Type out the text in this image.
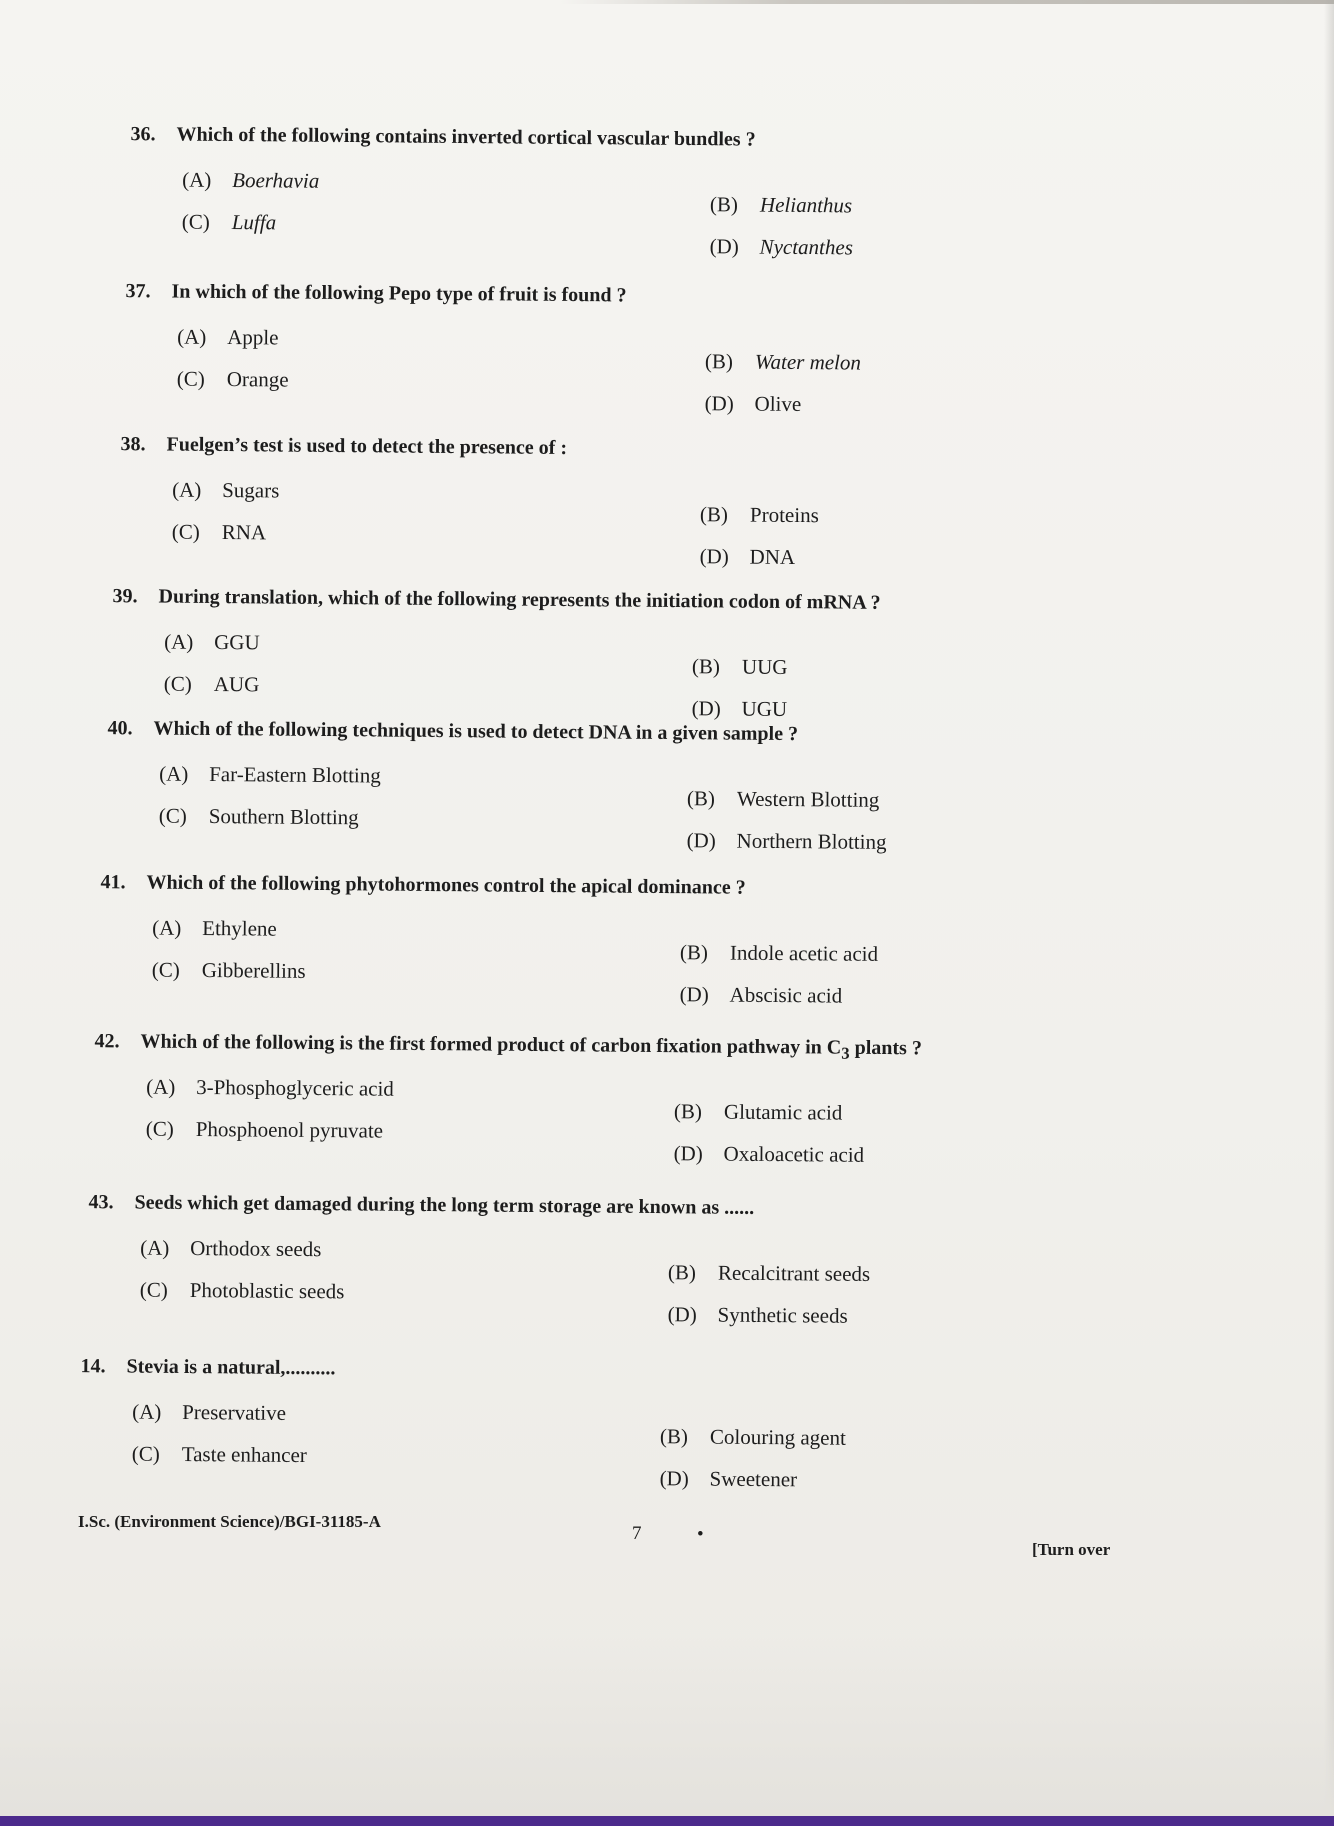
36. Which of the following contains inverted cortical vascular bundles ?
(A) Boerhavia
(B) Helianthus
(C) Luffa
(D) Nyctanthes
37. In which of the following Pepo type of fruit is found ?
(A) Apple
(B) Water melon
(C) Orange
(D) Olive
38. Fuelgen’s test is used to detect the presence of :
(A) Sugars
(B) Proteins
(C) RNA
(D) DNA
39. During translation, which of the following represents the initiation codon of mRNA ?
(A) GGU
(B) UUG
(C) AUG
(D) UGU
40. Which of the following techniques is used to detect DNA in a given sample ?
(A) Far-Eastern Blotting
(B) Western Blotting
(C) Southern Blotting
(D) Northern Blotting
41. Which of the following phytohormones control the apical dominance ?
(A) Ethylene
(B) Indole acetic acid
(C) Gibberellins
(D) Abscisic acid
42. Which of the following is the first formed product of carbon fixation pathway in $C_3$ plants ?
(A) 3-Phosphoglyceric acid
(B) Glutamic acid
(C) Phosphoenol pyruvate
(D) Oxaloacetic acid
43. Seeds which get damaged during the long term storage are known as ......
(A) Orthodox seeds
(B) Recalcitrant seeds
(C) Photoblastic seeds
(D) Synthetic seeds
14. Stevia is a natural,..........
(A) Preservative
(B) Colouring agent
(C) Taste enhancer
(D) Sweetener
I.Sc. (Environment Science)/BGI-31185-A
7	•
[Turn over
